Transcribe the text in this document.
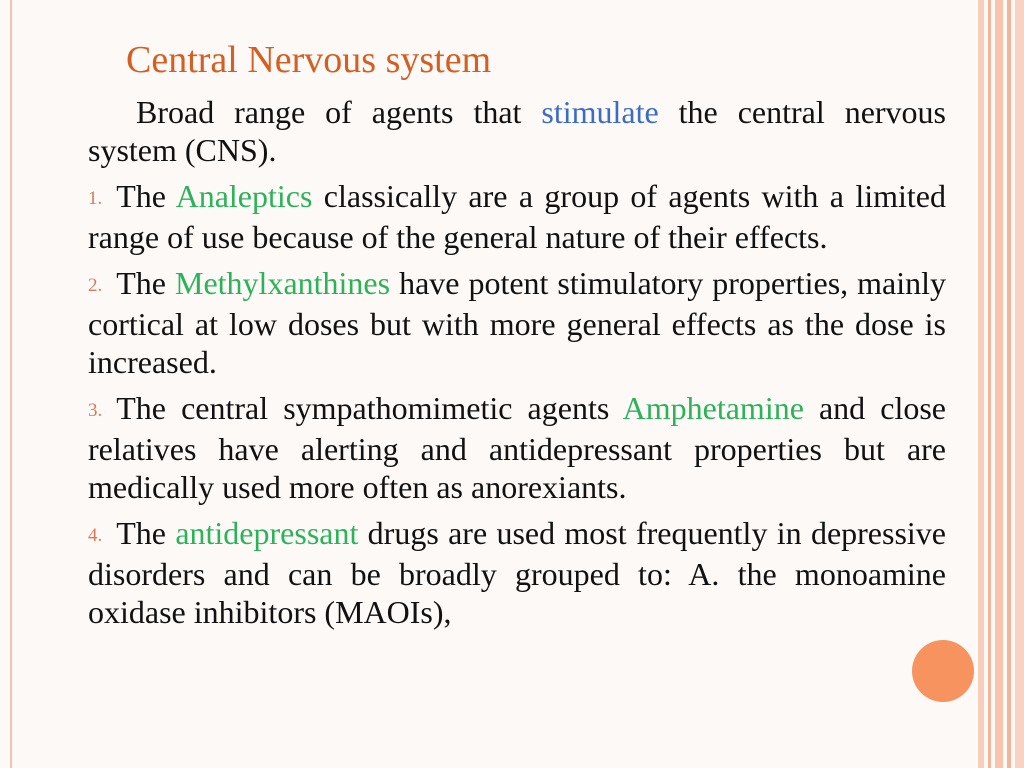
Central Nervous system

Broad range of agents that stimulate the central nervous system (CNS).

1. The Analeptics classically are a group of agents with a limited range of use because of the general nature of their effects.

2. The Methylxanthines have potent stimulatory properties, mainly cortical at low doses but with more general effects as the dose is increased.

3. The central sympathomimetic agents Amphetamine and close relatives have alerting and antidepressant properties but are medically used more often as anorexiants.

4. The antidepressant drugs are used most frequently in depressive disorders and can be broadly grouped to: A. the monoamine oxidase inhibitors (MAOIs),
